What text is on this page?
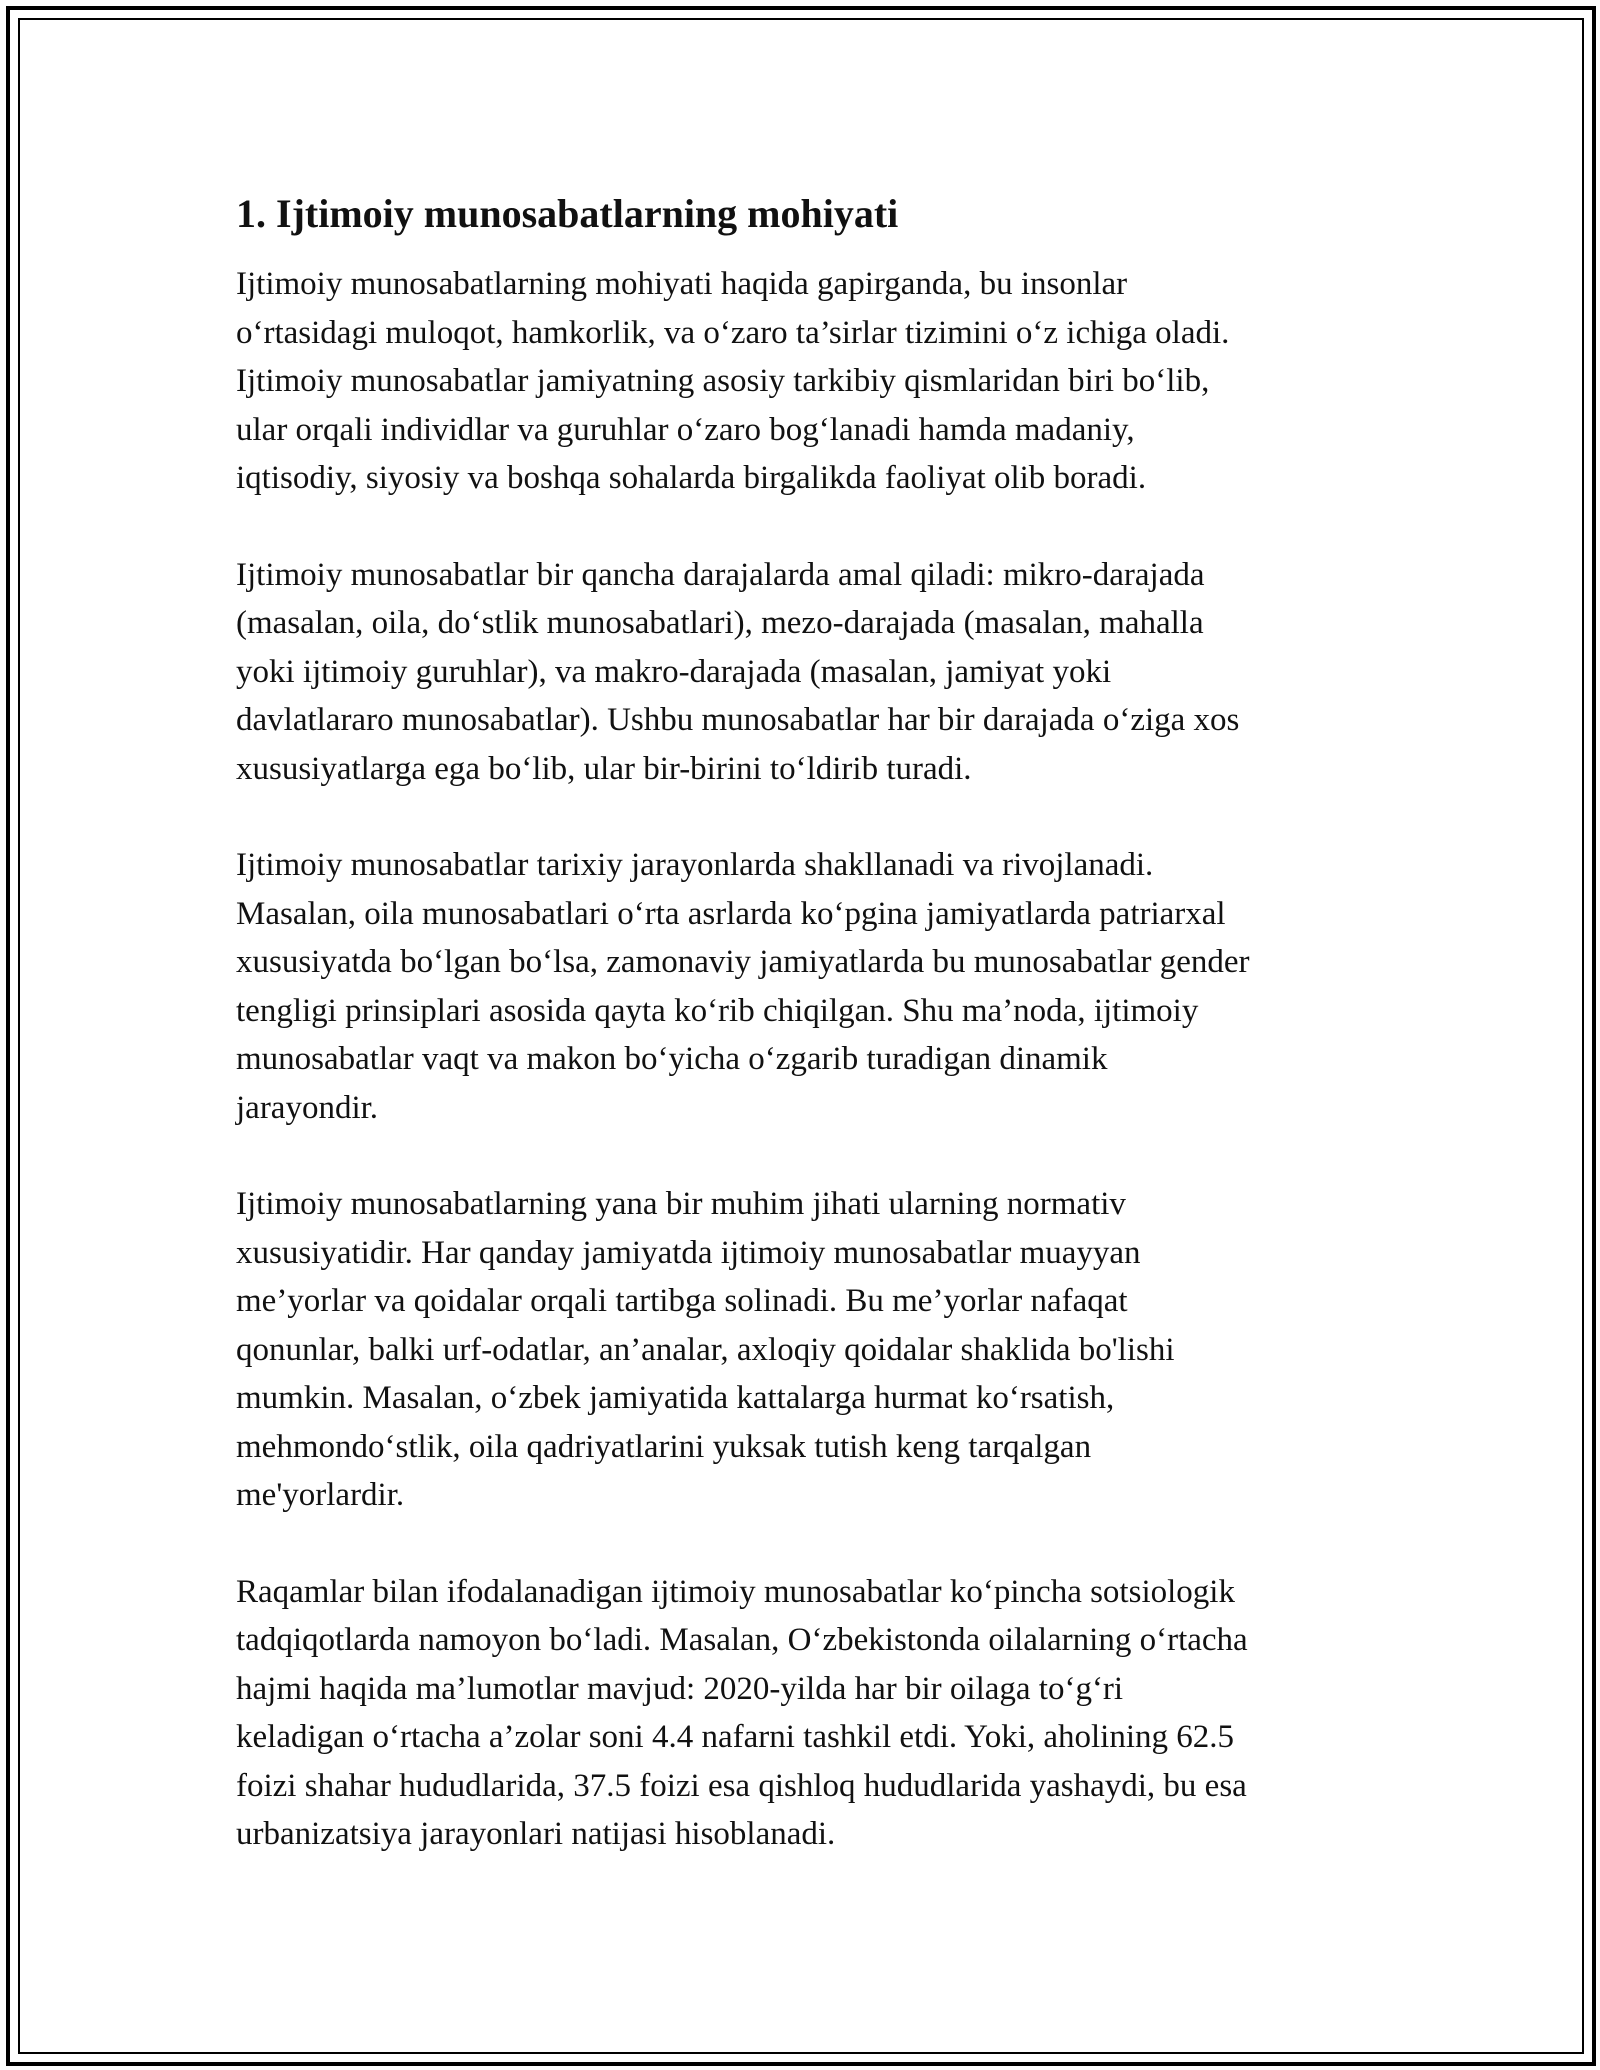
1. Ijtimoiy munosabatlarning mohiyati

Ijtimoiy munosabatlarning mohiyati haqida gapirganda, bu insonlar
o‘rtasidagi muloqot, hamkorlik, va o‘zaro ta’sirlar tizimini o‘z ichiga oladi.
Ijtimoiy munosabatlar jamiyatning asosiy tarkibiy qismlaridan biri bo‘lib,
ular orqali individlar va guruhlar o‘zaro bog‘lanadi hamda madaniy,
iqtisodiy, siyosiy va boshqa sohalarda birgalikda faoliyat olib boradi.

Ijtimoiy munosabatlar bir qancha darajalarda amal qiladi: mikro-darajada
(masalan, oila, do‘stlik munosabatlari), mezo-darajada (masalan, mahalla
yoki ijtimoiy guruhlar), va makro-darajada (masalan, jamiyat yoki
davlatlararo munosabatlar). Ushbu munosabatlar har bir darajada o‘ziga xos
xususiyatlarga ega bo‘lib, ular bir-birini to‘ldirib turadi.

Ijtimoiy munosabatlar tarixiy jarayonlarda shakllanadi va rivojlanadi.
Masalan, oila munosabatlari o‘rta asrlarda ko‘pgina jamiyatlarda patriarxal
xususiyatda bo‘lgan bo‘lsa, zamonaviy jamiyatlarda bu munosabatlar gender
tengligi prinsiplari asosida qayta ko‘rib chiqilgan. Shu ma’noda, ijtimoiy
munosabatlar vaqt va makon bo‘yicha o‘zgarib turadigan dinamik
jarayondir.

Ijtimoiy munosabatlarning yana bir muhim jihati ularning normativ
xususiyatidir. Har qanday jamiyatda ijtimoiy munosabatlar muayyan
me’yorlar va qoidalar orqali tartibga solinadi. Bu me’yorlar nafaqat
qonunlar, balki urf-odatlar, an’analar, axloqiy qoidalar shaklida bo'lishi
mumkin. Masalan, o‘zbek jamiyatida kattalarga hurmat ko‘rsatish,
mehmondo‘stlik, oila qadriyatlarini yuksak tutish keng tarqalgan
me'yorlardir.

Raqamlar bilan ifodalanadigan ijtimoiy munosabatlar ko‘pincha sotsiologik
tadqiqotlarda namoyon bo‘ladi. Masalan, O‘zbekistonda oilalarning o‘rtacha
hajmi haqida ma’lumotlar mavjud: 2020-yilda har bir oilaga to‘g‘ri
keladigan o‘rtacha a’zolar soni 4.4 nafarni tashkil etdi. Yoki, aholining 62.5
foizi shahar hududlarida, 37.5 foizi esa qishloq hududlarida yashaydi, bu esa
urbanizatsiya jarayonlari natijasi hisoblanadi.
